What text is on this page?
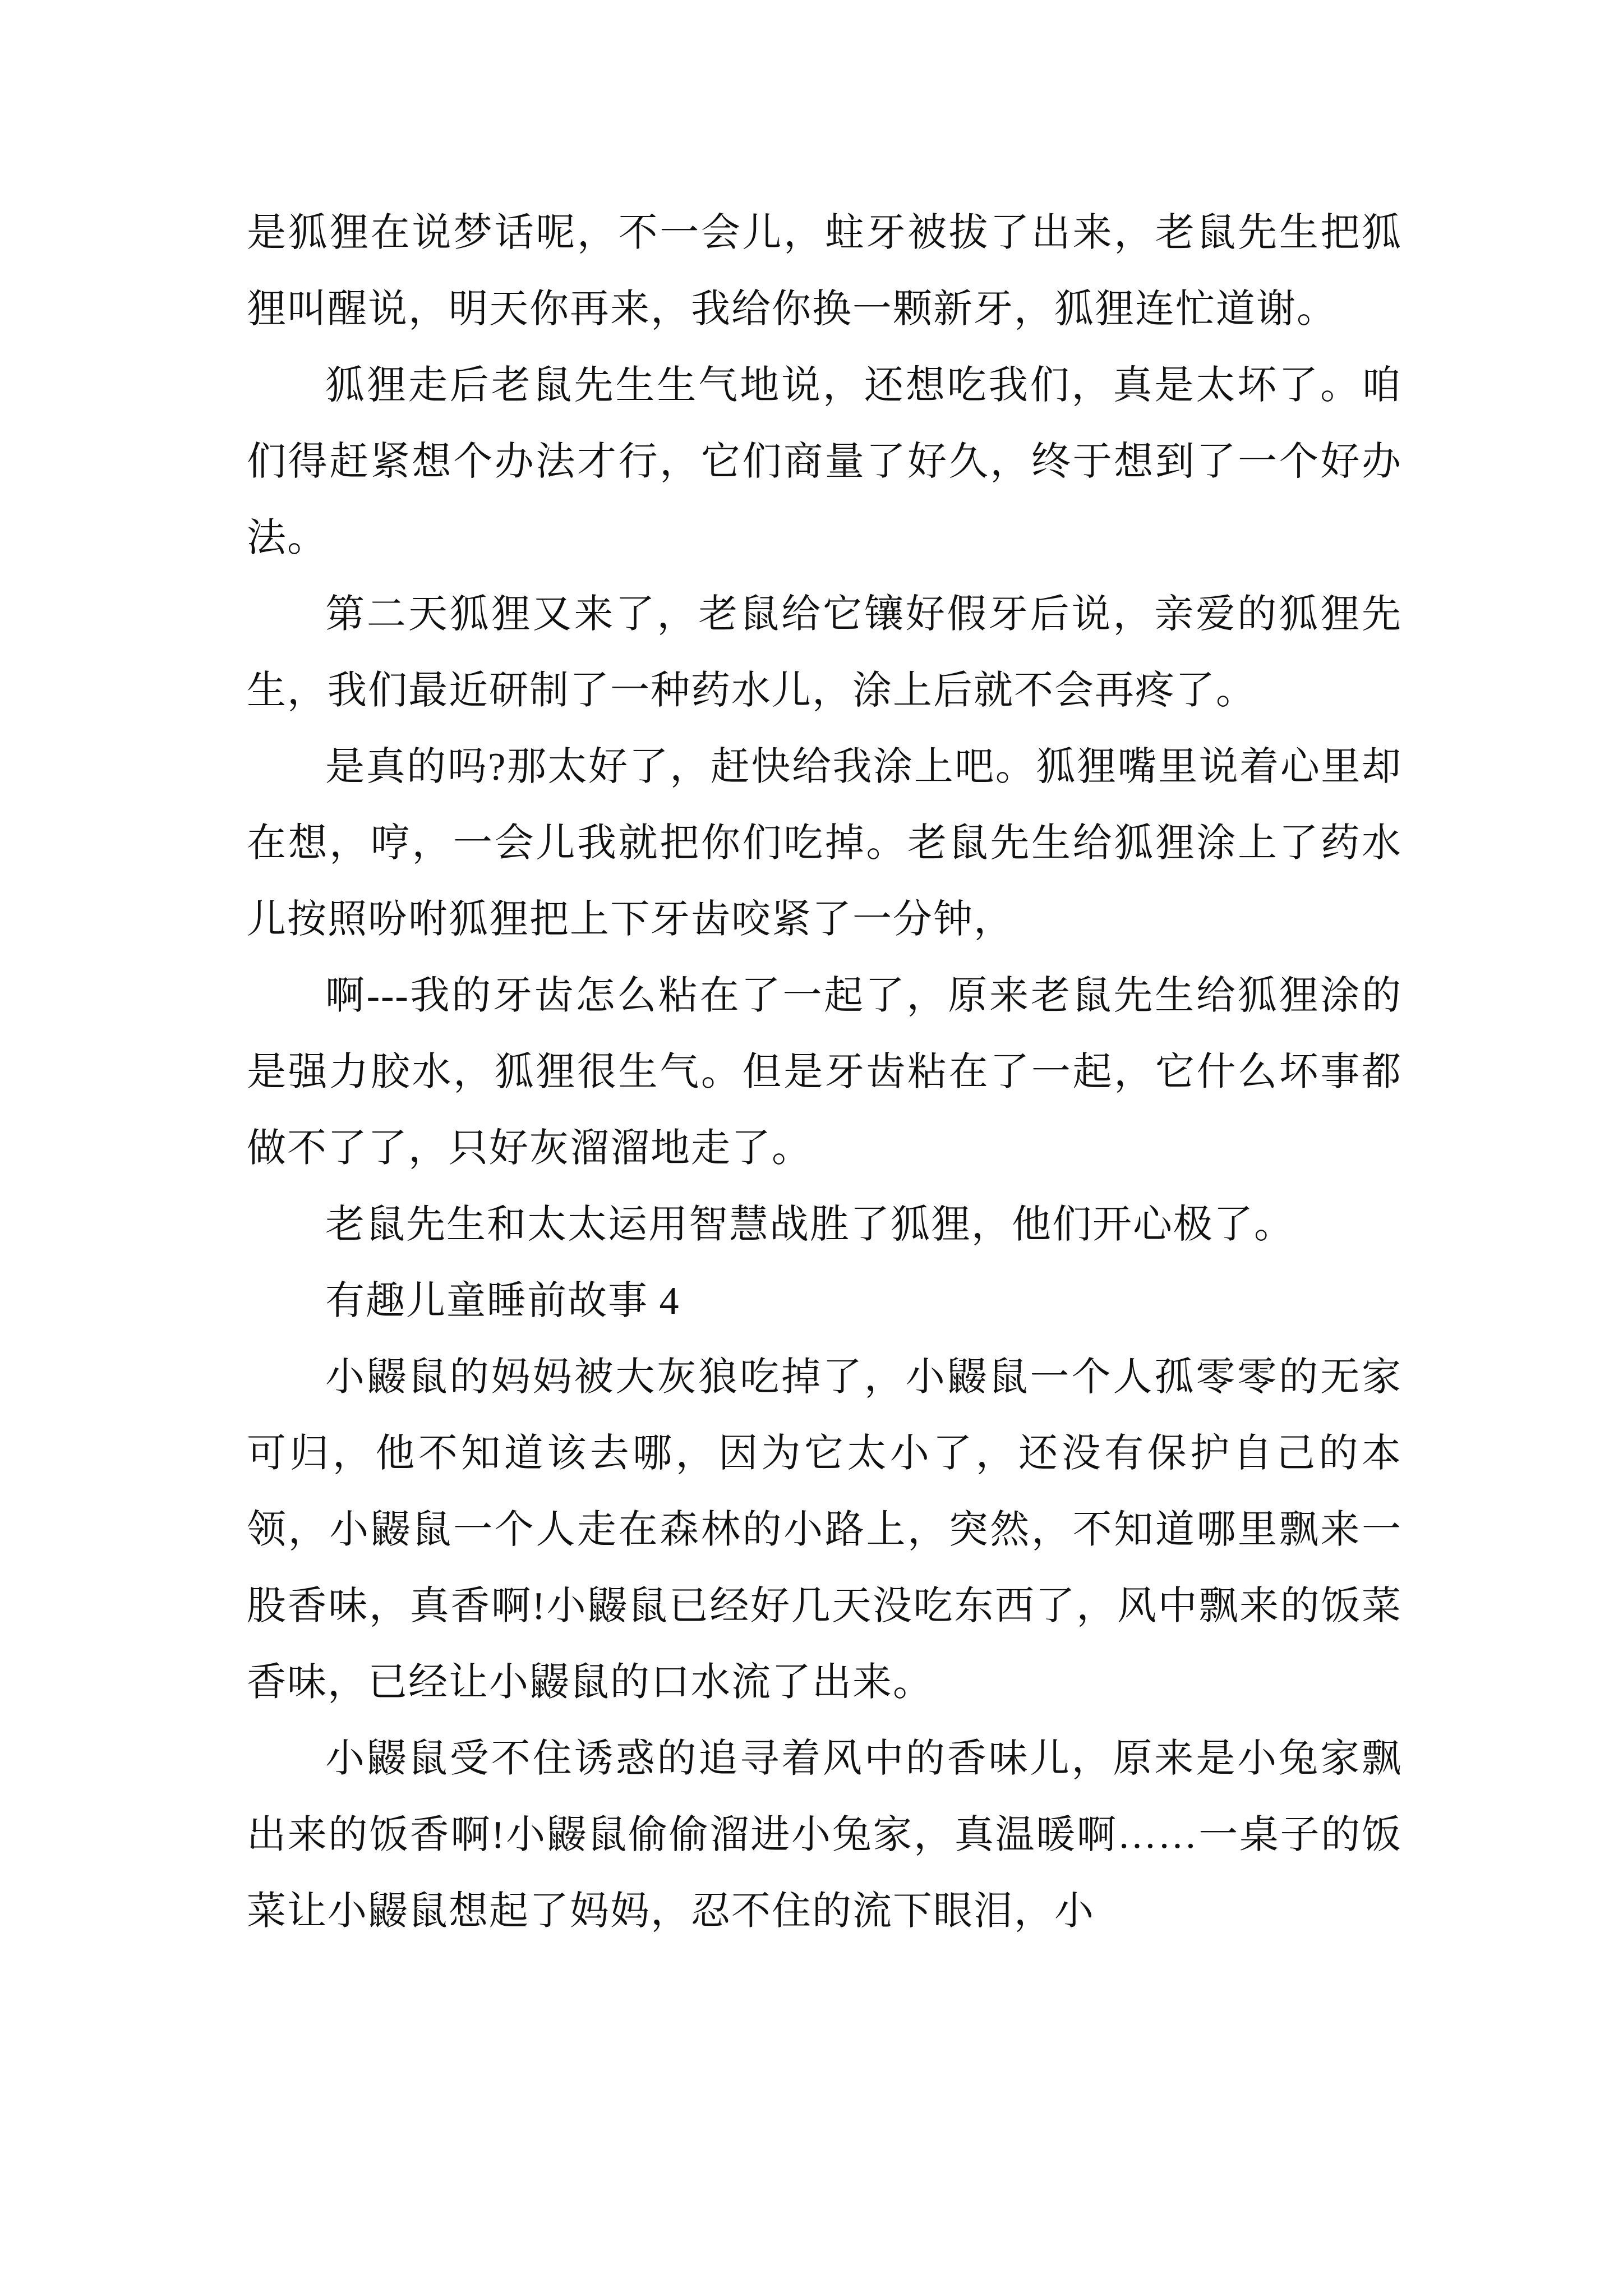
是狐狸在说梦话呢，不一会儿，蛀牙被拔了出来，老鼠先生把狐狸叫醒说，明天你再来，我给你换一颗新牙，狐狸连忙道谢。

狐狸走后老鼠先生生气地说，还想吃我们，真是太坏了。咱们得赶紧想个办法才行，它们商量了好久，终于想到了一个好办法。

第二天狐狸又来了，老鼠给它镶好假牙后说，亲爱的狐狸先生，我们最近研制了一种药水儿，涂上后就不会再疼了。

是真的吗?那太好了，赶快给我涂上吧。狐狸嘴里说着心里却在想，哼，一会儿我就把你们吃掉。老鼠先生给狐狸涂上了药水儿按照吩咐狐狸把上下牙齿咬紧了一分钟，

啊---我的牙齿怎么粘在了一起了，原来老鼠先生给狐狸涂的是强力胶水，狐狸很生气。但是牙齿粘在了一起，它什么坏事都做不了了，只好灰溜溜地走了。

老鼠先生和太太运用智慧战胜了狐狸，他们开心极了。

有趣儿童睡前故事 4

小鼹鼠的妈妈被大灰狼吃掉了，小鼹鼠一个人孤零零的无家可归，他不知道该去哪，因为它太小了，还没有保护自己的本领，小鼹鼠一个人走在森林的小路上，突然，不知道哪里飘来一股香味，真香啊!小鼹鼠已经好几天没吃东西了，风中飘来的饭菜香味，已经让小鼹鼠的口水流了出来。

小鼹鼠受不住诱惑的追寻着风中的香味儿，原来是小兔家飘出来的饭香啊!小鼹鼠偷偷溜进小兔家，真温暖啊……一桌子的饭菜让小鼹鼠想起了妈妈，忍不住的流下眼泪，小
